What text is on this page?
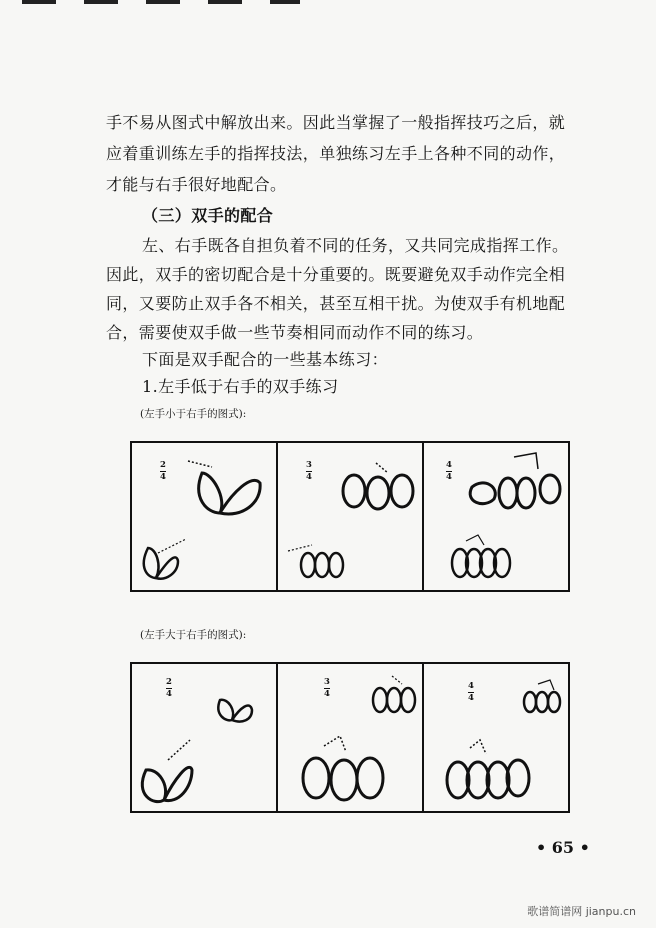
手不易从图式中解放出来。因此当掌握了一般指挥技巧之后，就
应着重训练左手的指挥技法，单独练习左手上各种不同的动作，
才能与右手很好地配合。
（三）双手的配合
左、右手既各自担负着不同的任务，又共同完成指挥工作。
因此，双手的密切配合是十分重要的。既要避免双手动作完全相
同，又要防止双手各不相关，甚至互相干扰。为使双手有机地配
合，需要使双手做一些节奏相同而动作不同的练习。
下面是双手配合的一些基本练习：
1.左手低于右手的双手练习
(左手小于右手的图式):
2
4
3
4
4
4
(左手大于右手的图式):
2
4
3
4
4
4
• 65 •
歌谱简谱网 jianpu.cn
